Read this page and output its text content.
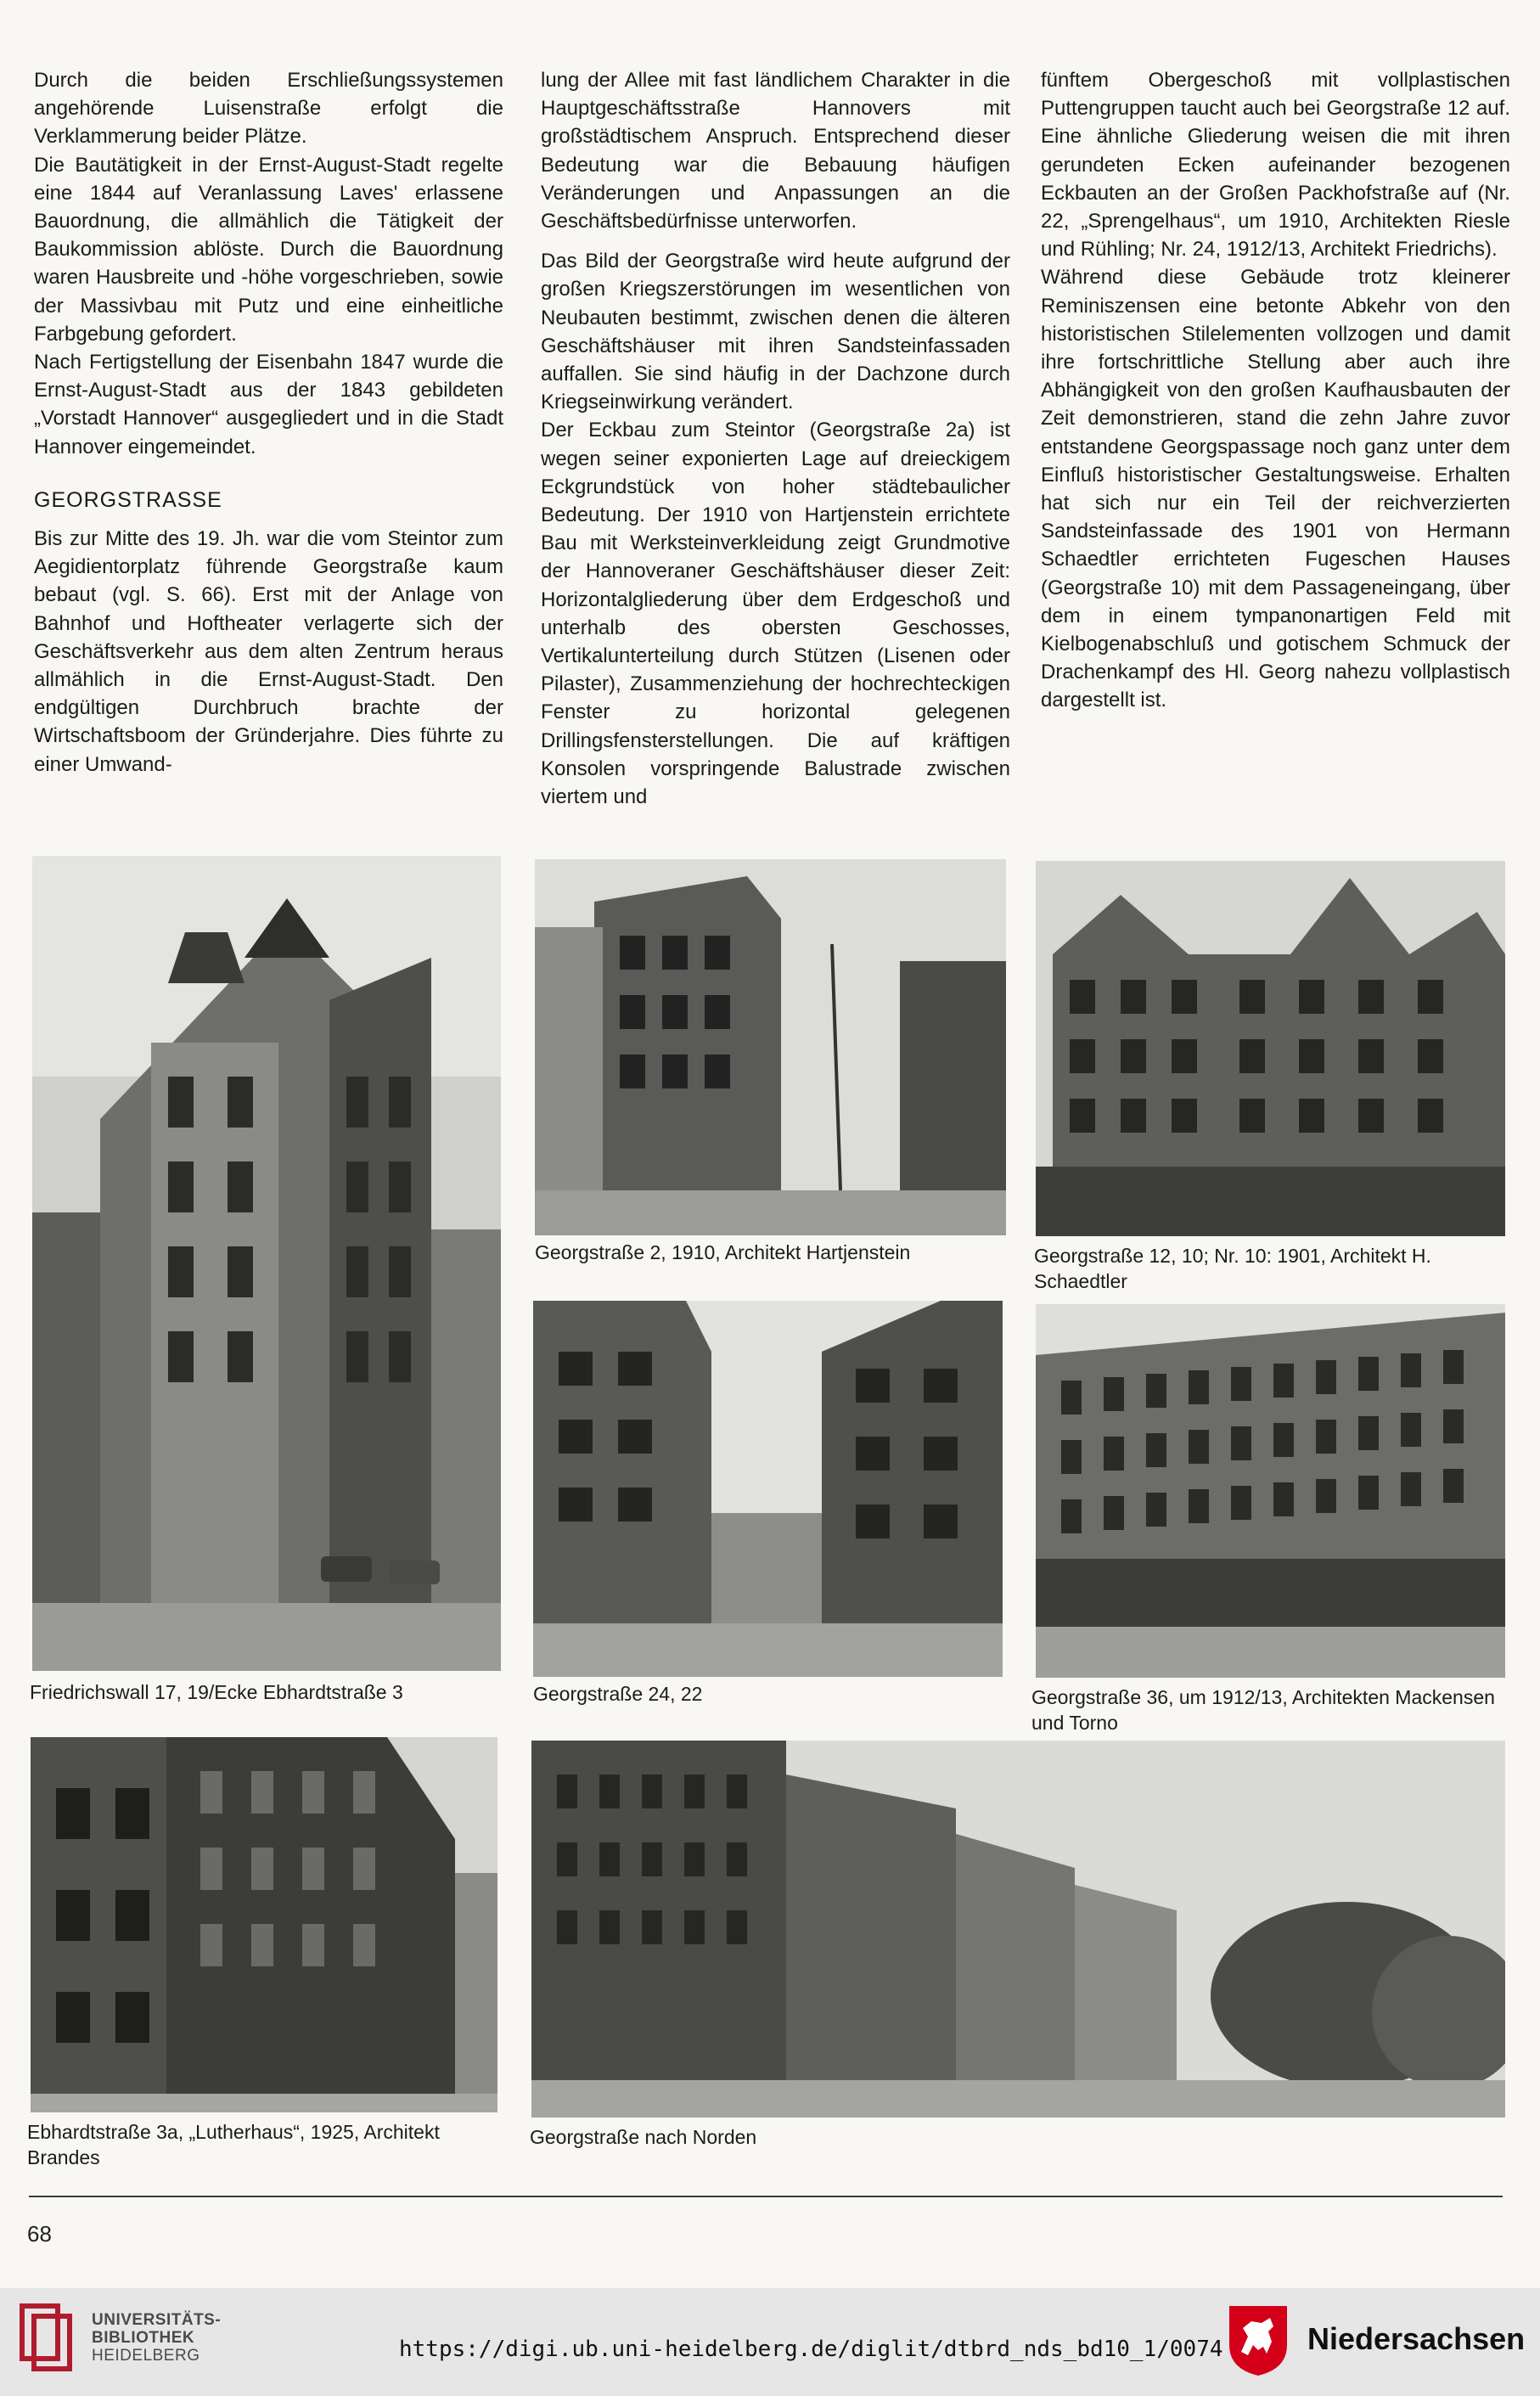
Durch die beiden Erschließungssystemen angehörende Luisenstraße erfolgt die Verklammerung beider Plätze.

Die Bautätigkeit in der Ernst-August-Stadt regelte eine 1844 auf Veranlassung Laves' erlassene Bauordnung, die allmählich die Tätigkeit der Baukommission ablöste. Durch die Bauordnung waren Hausbreite und -höhe vorgeschrieben, sowie der Massivbau mit Putz und eine einheitliche Farbgebung gefordert.

Nach Fertigstellung der Eisenbahn 1847 wurde die Ernst-August-Stadt aus der 1843 gebildeten „Vorstadt Hannover“ ausgegliedert und in die Stadt Hannover eingemeindet.

GEORGSTRASSE

Bis zur Mitte des 19. Jh. war die vom Steintor zum Aegidientorplatz führende Georgstraße kaum bebaut (vgl. S. 66). Erst mit der Anlage von Bahnhof und Hoftheater verlagerte sich der Geschäftsverkehr aus dem alten Zentrum heraus allmählich in die Ernst-August-Stadt. Den endgültigen Durchbruch brachte der Wirtschaftsboom der Gründerjahre. Dies führte zu einer Umwand-

lung der Allee mit fast ländlichem Charakter in die Hauptgeschäftsstraße Hannovers mit großstädtischem Anspruch. Entsprechend dieser Bedeutung war die Bebauung häufigen Veränderungen und Anpassungen an die Geschäftsbedürfnisse unterworfen.

Das Bild der Georgstraße wird heute aufgrund der großen Kriegszerstörungen im wesentlichen von Neubauten bestimmt, zwischen denen die älteren Geschäftshäuser mit ihren Sandsteinfassaden auffallen. Sie sind häufig in der Dachzone durch Kriegseinwirkung verändert.

Der Eckbau zum Steintor (Georgstraße 2a) ist wegen seiner exponierten Lage auf dreieckigem Eckgrundstück von hoher städtebaulicher Bedeutung. Der 1910 von Hartjenstein errichtete Bau mit Werksteinverkleidung zeigt Grundmotive der Hannoveraner Geschäftshäuser dieser Zeit: Horizontalgliederung über dem Erdgeschoß und unterhalb des obersten Geschosses, Vertikalunterteilung durch Stützen (Lisenen oder Pilaster), Zusammenziehung der hochrechteckigen Fenster zu horizontal gelegenen Drillingsfensterstellungen. Die auf kräftigen Konsolen vorspringende Balustrade zwischen viertem und

fünftem Obergeschoß mit vollplastischen Puttengruppen taucht auch bei Georgstraße 12 auf. Eine ähnliche Gliederung weisen die mit ihren gerundeten Ecken aufeinander bezogenen Eckbauten an der Großen Packhofstraße auf (Nr. 22, „Sprengelhaus“, um 1910, Architekten Riesle und Rühling; Nr. 24, 1912/13, Architekt Friedrichs).

Während diese Gebäude trotz kleinerer Reminiszensen eine betonte Abkehr von den historistischen Stilelementen vollzogen und damit ihre fortschrittliche Stellung aber auch ihre Abhängigkeit von den großen Kaufhausbauten der Zeit demonstrieren, stand die zehn Jahre zuvor entstandene Georgspassage noch ganz unter dem Einfluß historistischer Gestaltungsweise. Erhalten hat sich nur ein Teil der reichverzierten Sandsteinfassade des 1901 von Hermann Schaedtler errichteten Fugeschen Hauses (Georgstraße 10) mit dem Passageneingang, über dem in einem tympanonartigen Feld mit Kielbogenabschluß und gotischem Schmuck der Drachenkampf des Hl. Georg nahezu vollplastisch dargestellt ist.

Friedrichswall 17, 19/Ecke Ebhardtstraße 3
Georgstraße 2, 1910, Architekt Hartjenstein	Georgstraße 12, 10; Nr. 10: 1901, Architekt H. Schaedtler
Georgstraße 24, 22	Georgstraße 36, um 1912/13, Architekten Mackensen und Torno
Ebhardtstraße 3a, „Lutherhaus“, 1925, Architekt Brandes
Georgstraße nach Norden
68
UNIVERSITÄTS-
BIBLIOTHEK
HEIDELBERG	https://digi.ub.uni-heidelberg.de/diglit/dtbrd_nds_bd10_1/0074	Niedersachsen
